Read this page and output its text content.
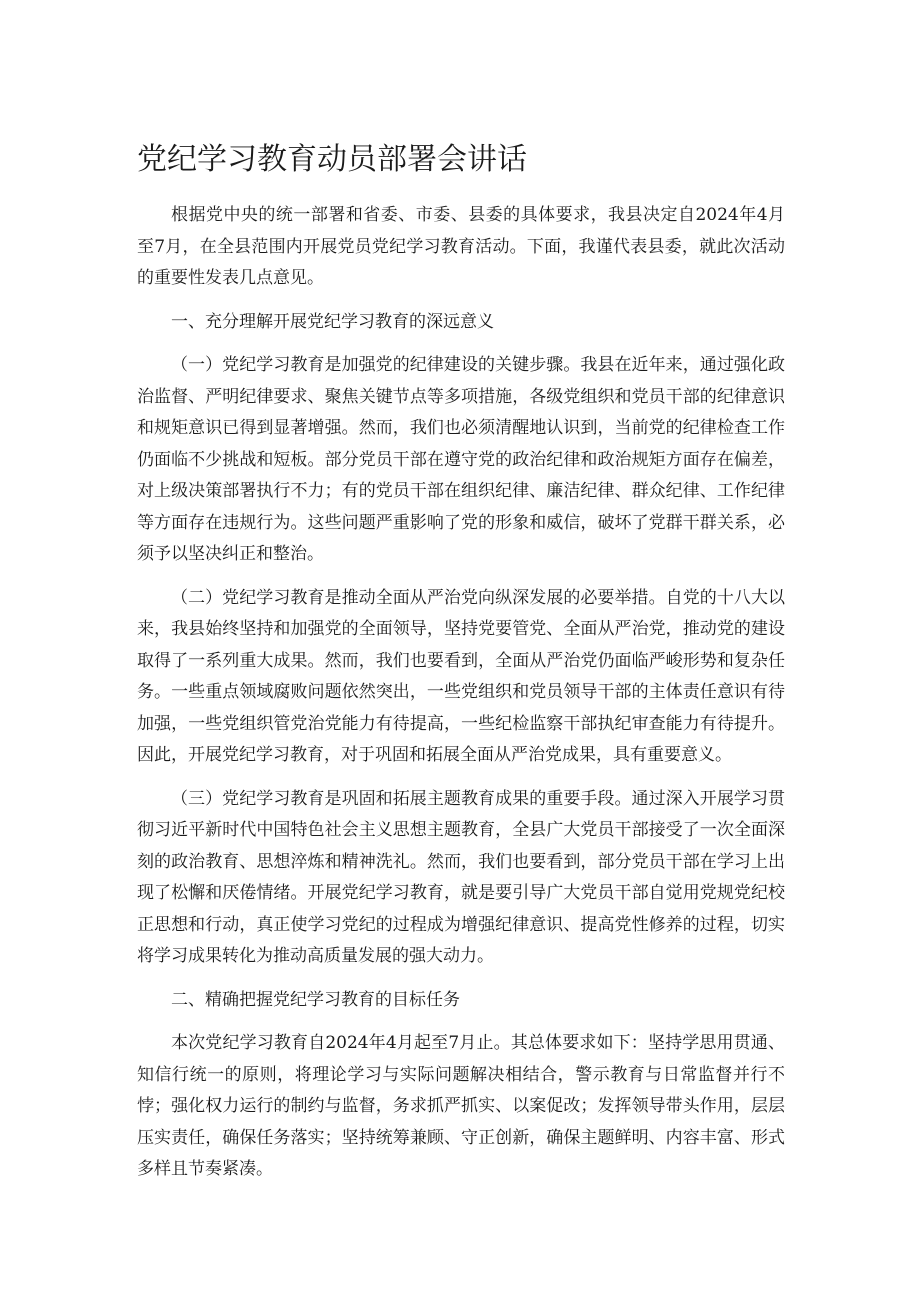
党纪学习教育动员部署会讲话

根据党中央的统一部署和省委、市委、县委的具体要求，我县决定自2024年4月至7月，在全县范围内开展党员党纪学习教育活动。下面，我谨代表县委，就此次活动的重要性发表几点意见。

一、充分理解开展党纪学习教育的深远意义

（一）党纪学习教育是加强党的纪律建设的关键步骤。我县在近年来，通过强化政治监督、严明纪律要求、聚焦关键节点等多项措施，各级党组织和党员干部的纪律意识和规矩意识已得到显著增强。然而，我们也必须清醒地认识到，当前党的纪律检查工作仍面临不少挑战和短板。部分党员干部在遵守党的政治纪律和政治规矩方面存在偏差，对上级决策部署执行不力；有的党员干部在组织纪律、廉洁纪律、群众纪律、工作纪律等方面存在违规行为。这些问题严重影响了党的形象和威信，破坏了党群干群关系，必须予以坚决纠正和整治。

（二）党纪学习教育是推动全面从严治党向纵深发展的必要举措。自党的十八大以来，我县始终坚持和加强党的全面领导，坚持党要管党、全面从严治党，推动党的建设取得了一系列重大成果。然而，我们也要看到，全面从严治党仍面临严峻形势和复杂任务。一些重点领域腐败问题依然突出，一些党组织和党员领导干部的主体责任意识有待加强，一些党组织管党治党能力有待提高，一些纪检监察干部执纪审查能力有待提升。因此，开展党纪学习教育，对于巩固和拓展全面从严治党成果，具有重要意义。

（三）党纪学习教育是巩固和拓展主题教育成果的重要手段。通过深入开展学习贯彻习近平新时代中国特色社会主义思想主题教育，全县广大党员干部接受了一次全面深刻的政治教育、思想淬炼和精神洗礼。然而，我们也要看到，部分党员干部在学习上出现了松懈和厌倦情绪。开展党纪学习教育，就是要引导广大党员干部自觉用党规党纪校正思想和行动，真正使学习党纪的过程成为增强纪律意识、提高党性修养的过程，切实将学习成果转化为推动高质量发展的强大动力。

二、精确把握党纪学习教育的目标任务

本次党纪学习教育自2024年4月起至7月止。其总体要求如下：坚持学思用贯通、知信行统一的原则，将理论学习与实际问题解决相结合，警示教育与日常监督并行不悖；强化权力运行的制约与监督，务求抓严抓实、以案促改；发挥领导带头作用，层层压实责任，确保任务落实；坚持统筹兼顾、守正创新，确保主题鲜明、内容丰富、形式多样且节奏紧凑。
